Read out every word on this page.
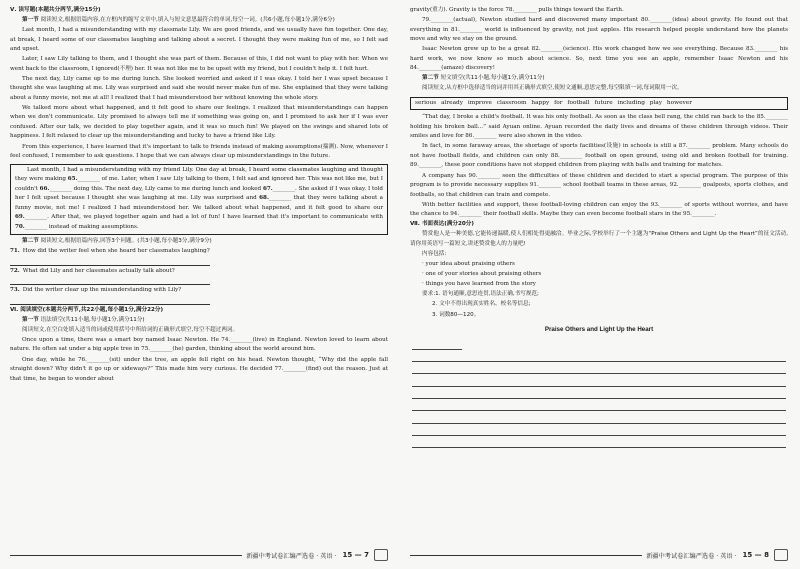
Ⅴ. 读写题(本题共分两节,满分15分)

第一节 阅读短文,根据语篇内容,在方框内的缩写文章中,填入与短文意思最符合的单词,每空一词。(共6小题,每小题1分,满分6分)

Last month, I had a misunderstanding with my classmate Lily. We are good friends, and we usually have fun together. One day, at break, I heard some of our classmates laughing and talking about a secret. I thought they were making fun of me, so I felt sad and upset.

Later, I saw Lily talking to them, and I thought she was part of them. Because of this, I did not want to play with her. When we went back to the classroom, I ignored(不理) her. It was not like me to be upset with my friend, but I couldn't help it. I felt hurt.

The next day, Lily came up to me during lunch. She looked worried and asked if I was okay. I told her I was upset because I thought she was laughing at me. Lily was surprised and said she would never make fun of me. She explained that they were talking about a funny movie, not me at all! I realized that I had misunderstood her without knowing the whole story.

We talked more about what happened, and it felt good to share our feelings. I realized that misunderstandings can happen when we don't communicate. Lily promised to always tell me if something was going on, and I promised to ask her if I was ever confused. After our talk, we decided to play together again, and it was so much fun! We played on the swings and shared lots of happiness. I felt relaxed to clear up the misunderstanding and lucky to have a friend like Lily.

From this experience, I have learned that it's important to talk to friends instead of making assumptions(揣测). Now, whenever I feel confused, I remember to ask questions. I hope that we can always clear up misunderstandings in the future.

Last month, I had a misunderstanding with my friend Lily. One day at break, I heard some classmates laughing and thought they were making 65.________ of me. Later, when I saw Lily talking to them, I felt sad and ignored her. This was not like me, but I couldn't 66.________ doing this. The next day, Lily came to me during lunch and looked 67.________. She asked if I was okay. I told her I felt upset because I thought she was laughing at me. Lily was surprised and 68.________ that they were talking about a funny movie, not me! I realized I had misunderstood her. We talked about what happened, and it felt good to share our 69.________. After that, we played together again and had a lot of fun! I have learned that it's important to communicate with 70.________ instead of making assumptions.

第二节 阅读短文,根据语篇内容,回答3个问题。(共3小题,每小题3分,满分9分)

71. How did the writer feel when she heard her classmates laughing?
72. What did Lily and her classmates actually talk about?
73. Did the writer clear up the misunderstanding with Lily?

Ⅵ. 阅读填空(本题共分两节,共22小题,每小题1分,满分22分)

第一节 语法填空(共11小题,每小题1分,满分11分)

阅读短文,在空白处填入适当的词或使用括号中所给词的正确形式填空,每空不超过两词。

Once upon a time, there was a smart boy named Isaac Newton. He 74.________(live) in England. Newton loved to learn about nature. He often sat under a big apple tree in 75.________(he) garden, thinking about the world around him.

One day, while he 76.________(sit) under the tree, an apple fell right on his head. Newton thought, “Why did the apple fall straight down? Why didn't it go up or sideways?” This made him very curious. He decided 77.________(find) out the reason. Just at that time, he began to wonder about

新疆中考试卷汇编严选卷 · 英语 · 15 — 7

gravity(重力). Gravity is the force 78.________ pulls things toward the Earth.

79.________(actual), Newton studied hard and discovered many important 80.________(idea) about gravity. He found out that everything in 81.________ world is influenced by gravity, not just apples. His research helped people understand how the planets move and why we stay on the ground.

Isaac Newton grew up to be a great 82.________(science). His work changed how we see everything. Because 83.________ his hard work, we now know so much about science. So, next time you see an apple, remember Isaac Newton and his 84.________(amaze) discovery!

第二节 短文填空(共11小题,每小题1分,满分11分)

阅读短文,从方框中选择适当的词并用其正确形式填空,使短文通顺,意思完整,每空限填一词,每词限用一次。

serious already improve classroom happy for football future including play however

“That day, I broke a child's football. It was his only football. As soon as the class bell rang, the child ran back to the 85.________ holding his broken ball...” said Ayuan online. Ayuan recorded the daily lives and dreams of these children through videos. Their smiles and love for 86.________ were also shown in the video.

In fact, in some faraway areas, the shortage of sports facilities(设施) in schools is still a 87.________ problem. Many schools do not have football fields, and children can only 88.________ football on open ground, using old and broken football for training. 89.________, these poor conditions have not stopped children from playing with balls and training for matches.

A company has 90.________ seen the difficulties of these children and decided to start a special program. The purpose of this program is to provide necessary supplies 91.________ school football teams in these areas, 92.________ goalposts, sports clothes, and footballs, so that children can train and compete.

With better facilities and support, these football-loving children can enjoy the 93.________ of sports without worries, and have the chance to 94.________ their football skills. Maybe they can even become football stars in the 95.________.

Ⅶ. 书面表达(满分20分)

赞赏他人是一种美德,它能传递温暖,使人们相处得更融洽。毕业之际,学校举行了一个主题为“Praise Others and Light Up the Heart”的征文活动,请你用英语写一篇短文,讲述赞赏他人的力量吧!

内容包括:

· your idea about praising others

· one of your stories about praising others

· things you have learned from the story

要求:1. 语句通顺,意思连贯,语法正确,书写规范;

2. 文中不得出现真实姓名、校名等信息;

3. 词数80—120。

Praise Others and Light Up the Heart
新疆中考试卷汇编严选卷 · 英语 · 15 — 8
